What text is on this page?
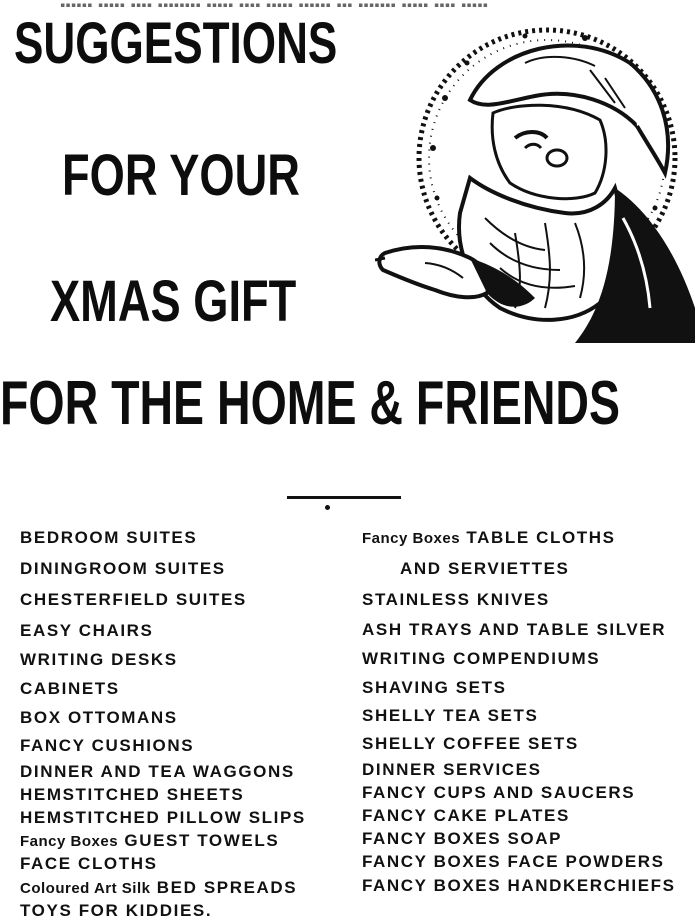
▪▪▪▪▪▪ ▪▪▪▪▪ ▪▪▪▪ ▪▪▪▪▪▪▪▪ ▪▪▪▪▪ ▪▪▪▪ ▪▪▪▪▪ ▪▪▪▪▪▪ ▪▪▪ ▪▪▪▪▪▪▪ ▪▪▪▪▪ ▪▪▪▪ ▪▪▪▪▪
SUGGESTIONS
FOR YOUR
XMAS GIFT
FOR THE HOME & FRIENDS
BEDROOM SUITES
DININGROOM SUITES
CHESTERFIELD SUITES
EASY CHAIRS
WRITING DESKS
CABINETS
BOX OTTOMANS
FANCY CUSHIONS
DINNER AND TEA WAGGONS
HEMSTITCHED SHEETS
HEMSTITCHED PILLOW SLIPS
Fancy Boxes GUEST TOWELS
FACE CLOTHS
Coloured Art Silk BED SPREADS
TOYS FOR KIDDIES.
Fancy Boxes TABLE CLOTHS
AND SERVIETTES
STAINLESS KNIVES
ASH TRAYS AND TABLE SILVER
WRITING COMPENDIUMS
SHAVING SETS
SHELLY TEA SETS
SHELLY COFFEE SETS
DINNER SERVICES
FANCY CUPS AND SAUCERS
FANCY CAKE PLATES
FANCY BOXES SOAP
FANCY BOXES FACE POWDERS
FANCY BOXES HANDKERCHIEFS
